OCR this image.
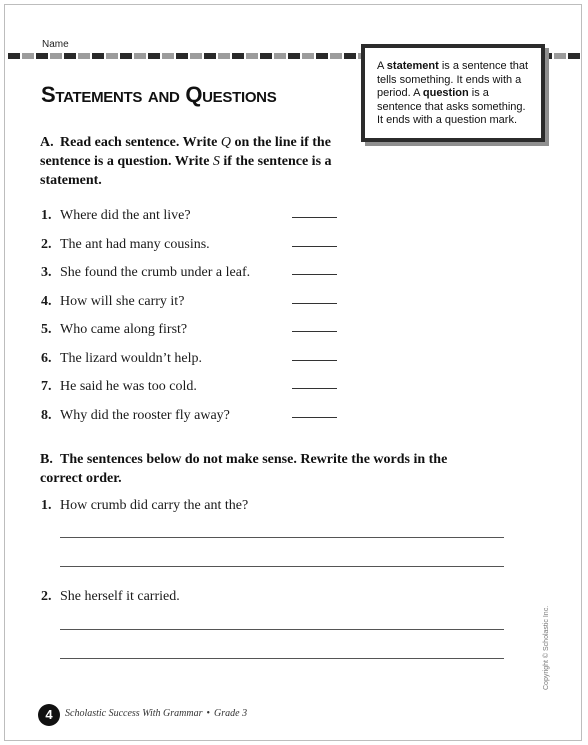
Name
A statement is a sentence that tells something. It ends with a period. A question is a sentence that asks something. It ends with a question mark.
Statements and Questions
A. Read each sentence. Write Q on the line if the sentence is a question. Write S if the sentence is a statement.
1. Where did the ant live?
2. The ant had many cousins.
3. She found the crumb under a leaf.
4. How will she carry it?
5. Who came along first?
6. The lizard wouldn’t help.
7. He said he was too cold.
8. Why did the rooster fly away?
B. The sentences below do not make sense. Rewrite the words in the correct order.
1. How crumb did carry the ant the?
2. She herself it carried.
Copyright © Scholastic Inc.
4	Scholastic Success With Grammar • Grade 3
